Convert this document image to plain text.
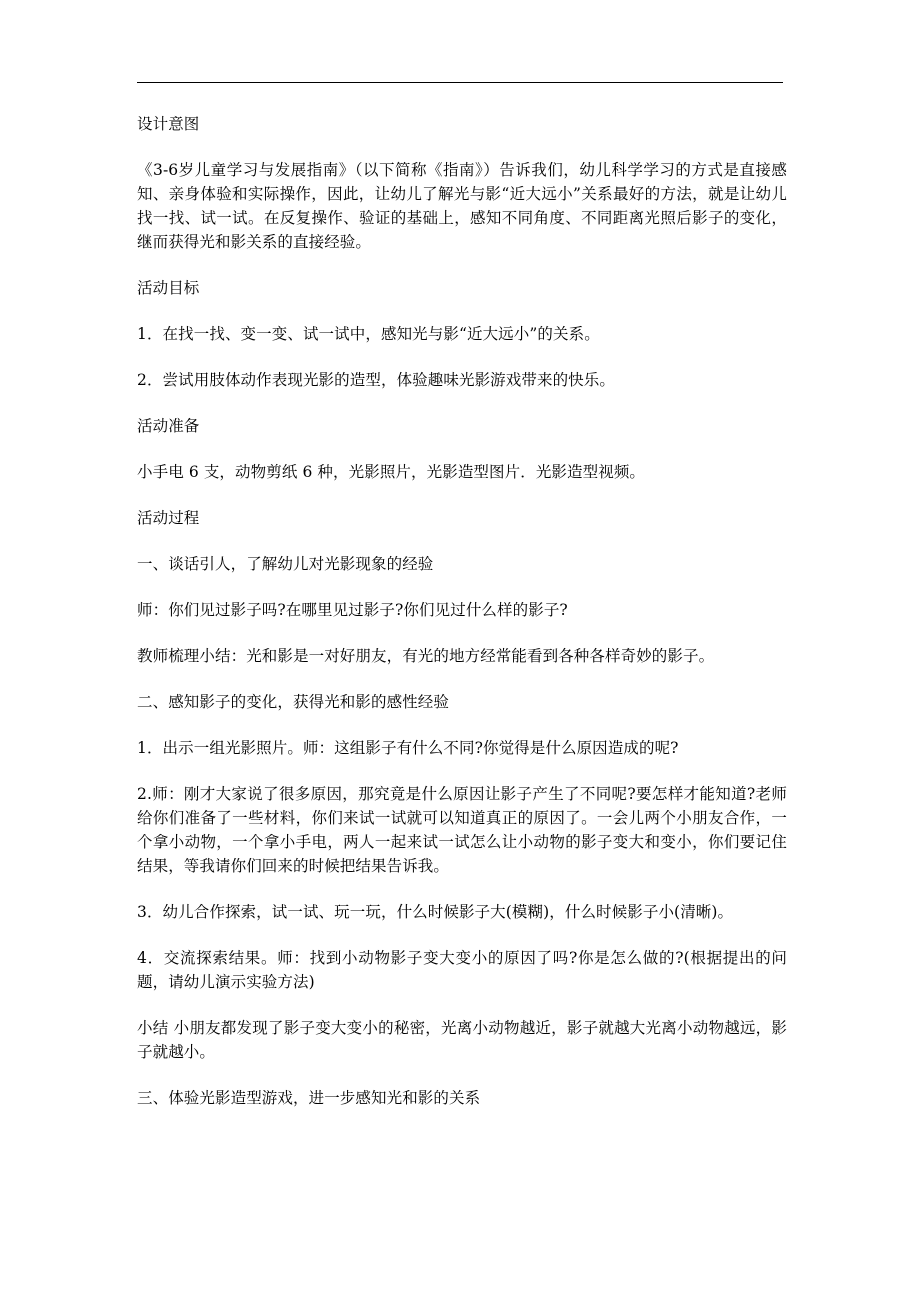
设计意图

《3-6岁儿童学习与发展指南》（以下简称《指南》）告诉我们，幼儿科学学习的方式是直接感知、亲身体验和实际操作，因此，让幼儿了解光与影“近大远小”关系最好的方法，就是让幼儿找一找、试一试。在反复操作、验证的基础上，感知不同角度、不同距离光照后影子的变化，继而获得光和影关系的直接经验。

活动目标

1．在找一找、变一变、试一试中，感知光与影“近大远小”的关系。

2．尝试用肢体动作表现光影的造型，体验趣味光影游戏带来的快乐。

活动准备

小手电 6 支，动物剪纸 6 种，光影照片，光影造型图片．光影造型视频。

活动过程

一、谈话引人，了解幼儿对光影现象的经验

师：你们见过影子吗?在哪里见过影子?你们见过什么样的影子?

教师梳理小结：光和影是一对好朋友，有光的地方经常能看到各种各样奇妙的影子。

二、感知影子的变化，获得光和影的感性经验

1．出示一组光影照片。师：这组影子有什么不同?你觉得是什么原因造成的呢?

2.师：刚才大家说了很多原因，那究竟是什么原因让影子产生了不同呢?要怎样才能知道?老师给你们准备了一些材料，你们来试一试就可以知道真正的原因了。一会儿两个小朋友合作，一个拿小动物，一个拿小手电，两人一起来试一试怎么让小动物的影子变大和变小，你们要记住结果，等我请你们回来的时候把结果告诉我。

3．幼儿合作探索，试一试、玩一玩，什么时候影子大(模糊)，什么时候影子小(清晰)。

4．交流探索结果。师：找到小动物影子变大变小的原因了吗?你是怎么做的?(根据提出的问题，请幼儿演示实验方法)

小结 小朋友都发现了影子变大变小的秘密，光离小动物越近，影子就越大光离小动物越远，影子就越小。

三、体验光影造型游戏，进一步感知光和影的关系
